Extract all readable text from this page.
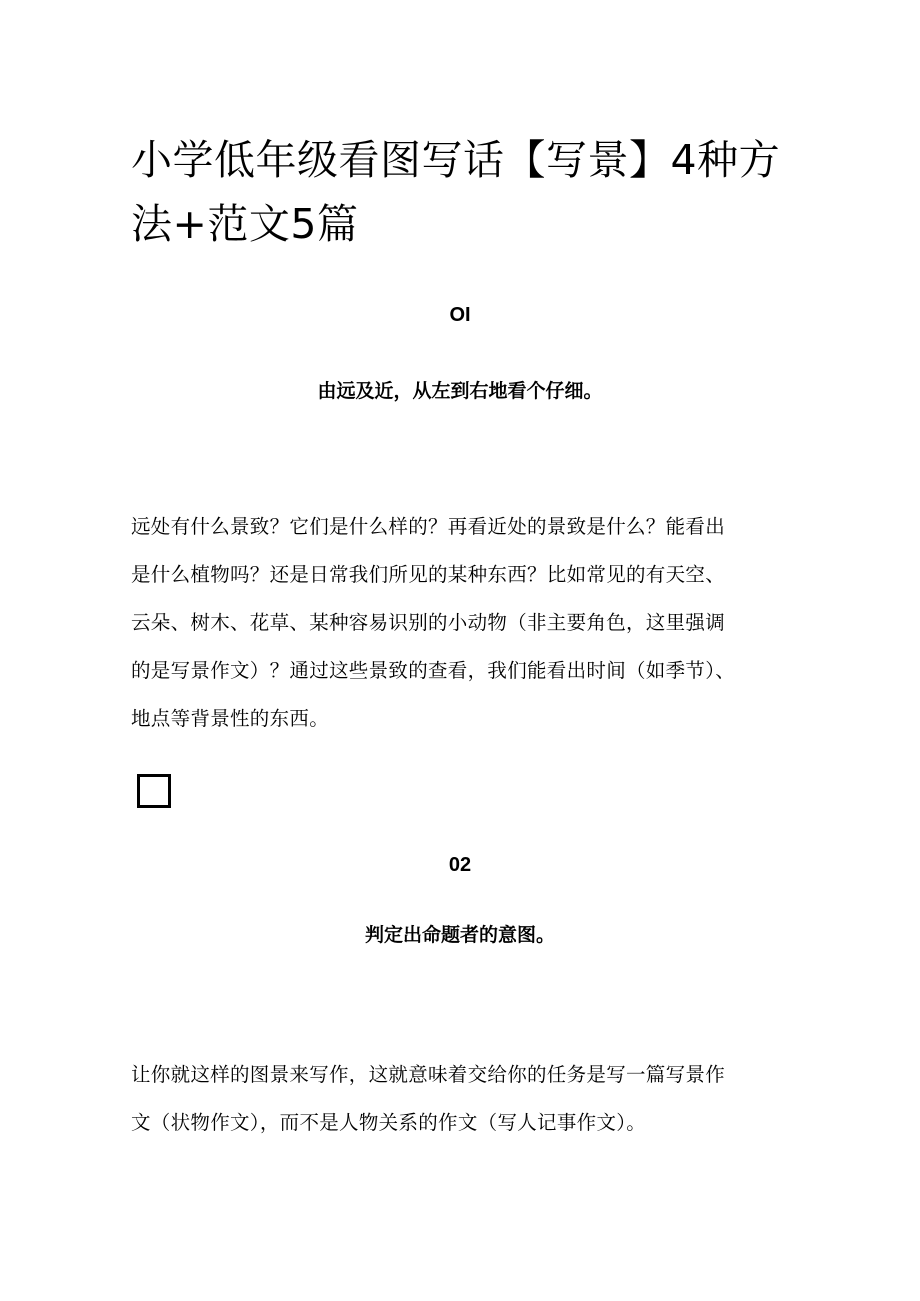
小学低年级看图写话【写景】4种方
法+范文5篇

OI

由远及近，从左到右地看个仔细。

远处有什么景致？它们是什么样的？再看近处的景致是什么？能看出
是什么植物吗？还是日常我们所见的某种东西？比如常见的有天空、
云朵、树木、花草、某种容易识别的小动物（非主要角色，这里强调
的是写景作文）？通过这些景致的查看，我们能看出时间（如季节）、
地点等背景性的东西。

02

判定出命题者的意图。

让你就这样的图景来写作，这就意味着交给你的任务是写一篇写景作
文（状物作文），而不是人物关系的作文（写人记事作文）。
